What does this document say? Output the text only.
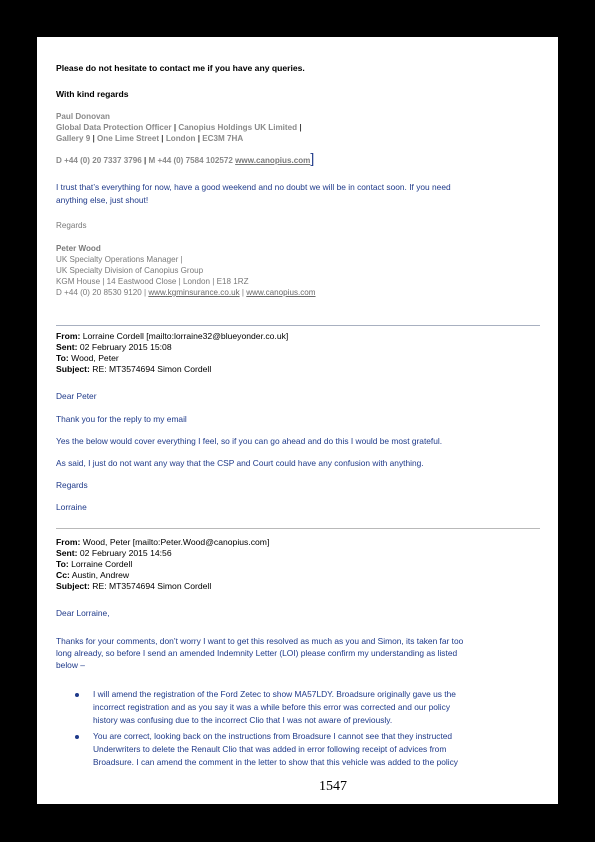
Please do not hesitate to contact me if you have any queries.
With kind regards
Paul Donovan
Global Data Protection Officer | Canopius Holdings UK Limited |
Gallery 9 | One Lime Street | London | EC3M 7HA
D +44 (0) 20 7337 3796 | M +44 (0) 7584 102572 www.canopius.com]
I trust that’s everything for now, have a good weekend and no doubt we will be in contact soon. If you need
anything else, just shout!
Regards
Peter Wood
UK Specialty Operations Manager |
UK Specialty Division of Canopius Group
KGM House | 14 Eastwood Close | London | E18 1RZ
D +44 (0) 20 8530 9120 | www.kgminsurance.co.uk | www.canopius.com
From: Lorraine Cordell [mailto:lorraine32@blueyonder.co.uk]
Sent: 02 February 2015 15:08
To: Wood, Peter
Subject: RE: MT3574694 Simon Cordell
Dear Peter
Thank you for the reply to my email
Yes the below would cover everything I feel, so if you can go ahead and do this I would be most grateful.
As said, I just do not want any way that the CSP and Court could have any confusion with anything.
Regards
Lorraine
From: Wood, Peter [mailto:Peter.Wood@canopius.com]
Sent: 02 February 2015 14:56
To: Lorraine Cordell
Cc: Austin, Andrew
Subject: RE: MT3574694 Simon Cordell
Dear Lorraine,
Thanks for your comments, don’t worry I want to get this resolved as much as you and Simon, its taken far too
long already, so before I send an amended Indemnity Letter (LOI) please confirm my understanding as listed
below –
I will amend the registration of the Ford Zetec to show MA57LDY. Broadsure originally gave us the
incorrect registration and as you say it was a while before this error was corrected and our policy
history was confusing due to the incorrect Clio that I was not aware of previously.
You are correct, looking back on the instructions from Broadsure I cannot see that they instructed
Underwriters to delete the Renault Clio that was added in error following receipt of advices from
Broadsure. I can amend the comment in the letter to show that this vehicle was added to the policy
1547
